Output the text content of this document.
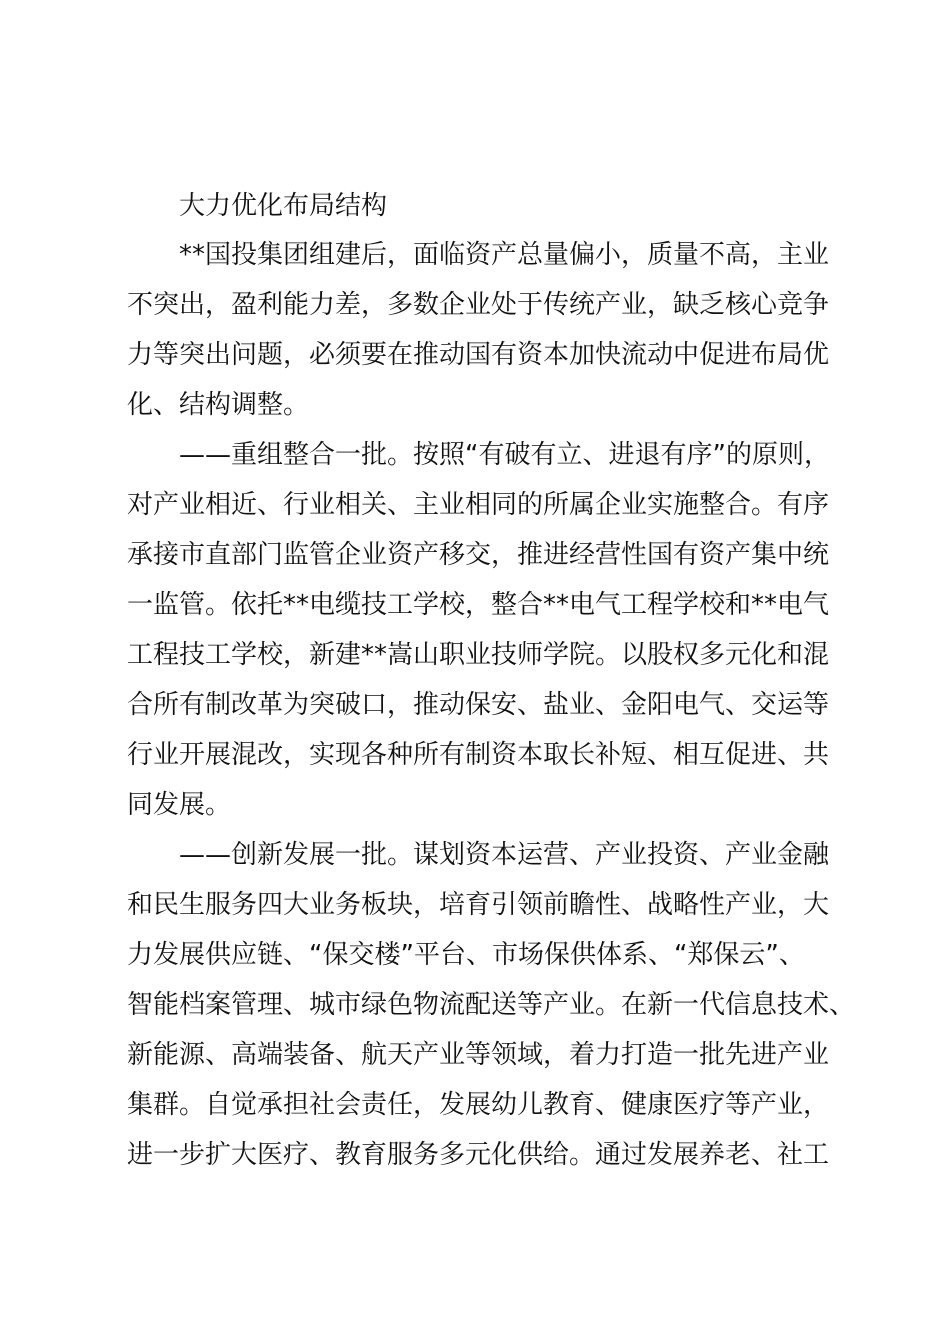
大力优化布局结构
**国投集团组建后，面临资产总量偏小，质量不高，主业
不突出，盈利能力差，多数企业处于传统产业，缺乏核心竞争
力等突出问题，必须要在推动国有资本加快流动中促进布局优
化、结构调整。
——重组整合一批。按照“有破有立、进退有序”的原则，
对产业相近、行业相关、主业相同的所属企业实施整合。有序
承接市直部门监管企业资产移交，推进经营性国有资产集中统
一监管。依托**电缆技工学校，整合**电气工程学校和**电气
工程技工学校，新建**嵩山职业技师学院。以股权多元化和混
合所有制改革为突破口，推动保安、盐业、金阳电气、交运等
行业开展混改，实现各种所有制资本取长补短、相互促进、共
同发展。
——创新发展一批。谋划资本运营、产业投资、产业金融
和民生服务四大业务板块，培育引领前瞻性、战略性产业，大
力发展供应链、“保交楼”平台、市场保供体系、“郑保云”、
智能档案管理、城市绿色物流配送等产业。在新一代信息技术、
新能源、高端装备、航天产业等领域，着力打造一批先进产业
集群。自觉承担社会责任，发展幼儿教育、健康医疗等产业，
进一步扩大医疗、教育服务多元化供给。通过发展养老、社工
